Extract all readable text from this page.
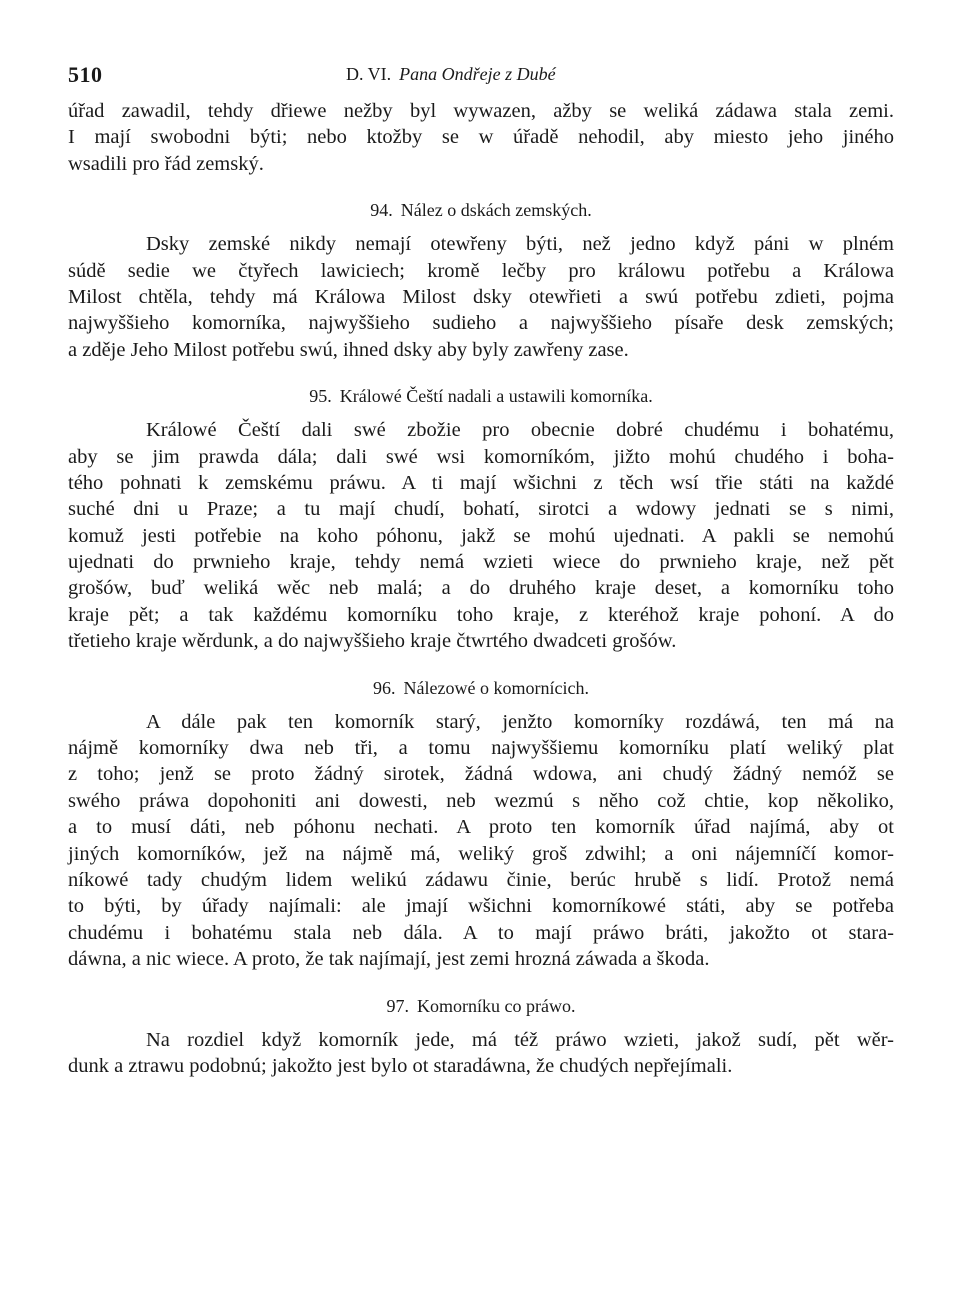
510	D. VI. Pana Ondřeje z Dubé
úřad zawadil, tehdy dřiewe nežby byl wywazen, ažby se weliká zádawa stala zemi.
I mají swobodni býti; nebo ktožby se w úřadě nehodil, aby miesto jeho jiného
wsadili pro řád zemský.
94. Nález o dskách zemských.
Dsky zemské nikdy nemají otewřeny býti, než jedno když páni w plném
súdě sedie we čtyřech lawiciech; kromě lečby pro králowu potřebu a Králowa
Milost chtěla, tehdy má Králowa Milost dsky otewřieti a swú potřebu zdieti, pojma
najwyššieho komorníka, najwyššieho sudieho a najwyššieho písaře desk zemských;
a zděje Jeho Milost potřebu swú, ihned dsky aby byly zawřeny zase.
95. Králowé Čeští nadali a ustawili komorníka.
Králowé Čeští dali swé zbožie pro obecnie dobré chudému i bohatému,
aby se jim prawda dála; dali swé wsi komorníkóm, jižto mohú chudého i boha-
tého pohnati k zemskému práwu. A ti mají wšichni z těch wsí třie státi na každé
suché dni u Praze; a tu mají chudí, bohatí, sirotci a wdowy jednati se s nimi,
komuž jesti potřebie na koho póhonu, jakž se mohú ujednati. A pakli se nemohú
ujednati do prwnieho kraje, tehdy nemá wzieti wiece do prwnieho kraje, než pět
grošów, buď weliká wěc neb malá; a do druhého kraje deset, a komorníku toho
kraje pět; a tak každému komorníku toho kraje, z kteréhož kraje pohoní. A do
třetieho kraje wěrdunk, a do najwyššieho kraje čtwrtého dwadceti grošów.
96. Nálezowé o komornícich.
A dále pak ten komorník starý, jenžto komorníky rozdáwá, ten má na
nájmě komorníky dwa neb tři, a tomu najwyššiemu komorníku platí weliký plat
z toho; jenž se proto žádný sirotek, žádná wdowa, ani chudý žádný nemóž se
swého práwa dopohoniti ani dowesti, neb wezmú s něho což chtie, kop několiko,
a to musí dáti, neb póhonu nechati. A proto ten komorník úřad najímá, aby ot
jiných komorníków, jež na nájmě má, weliký groš zdwihl; a oni nájemníčí komor-
níkowé tady chudým lidem welikú zádawu činie, berúc hrubě s lidí. Protož nemá
to býti, by úřady najímali: ale jmají wšichni komorníkowé státi, aby se potřeba
chudému i bohatému stala neb dála. A to mají práwo bráti, jakožto ot stara-
dáwna, a nic wiece. A proto, že tak najímají, jest zemi hrozná záwada a škoda.
97. Komorníku co práwo.
Na rozdiel když komorník jede, má též práwo wzieti, jakož sudí, pět wěr-
dunk a ztrawu podobnú; jakožto jest bylo ot staradáwna, že chudých nepřejímali.
